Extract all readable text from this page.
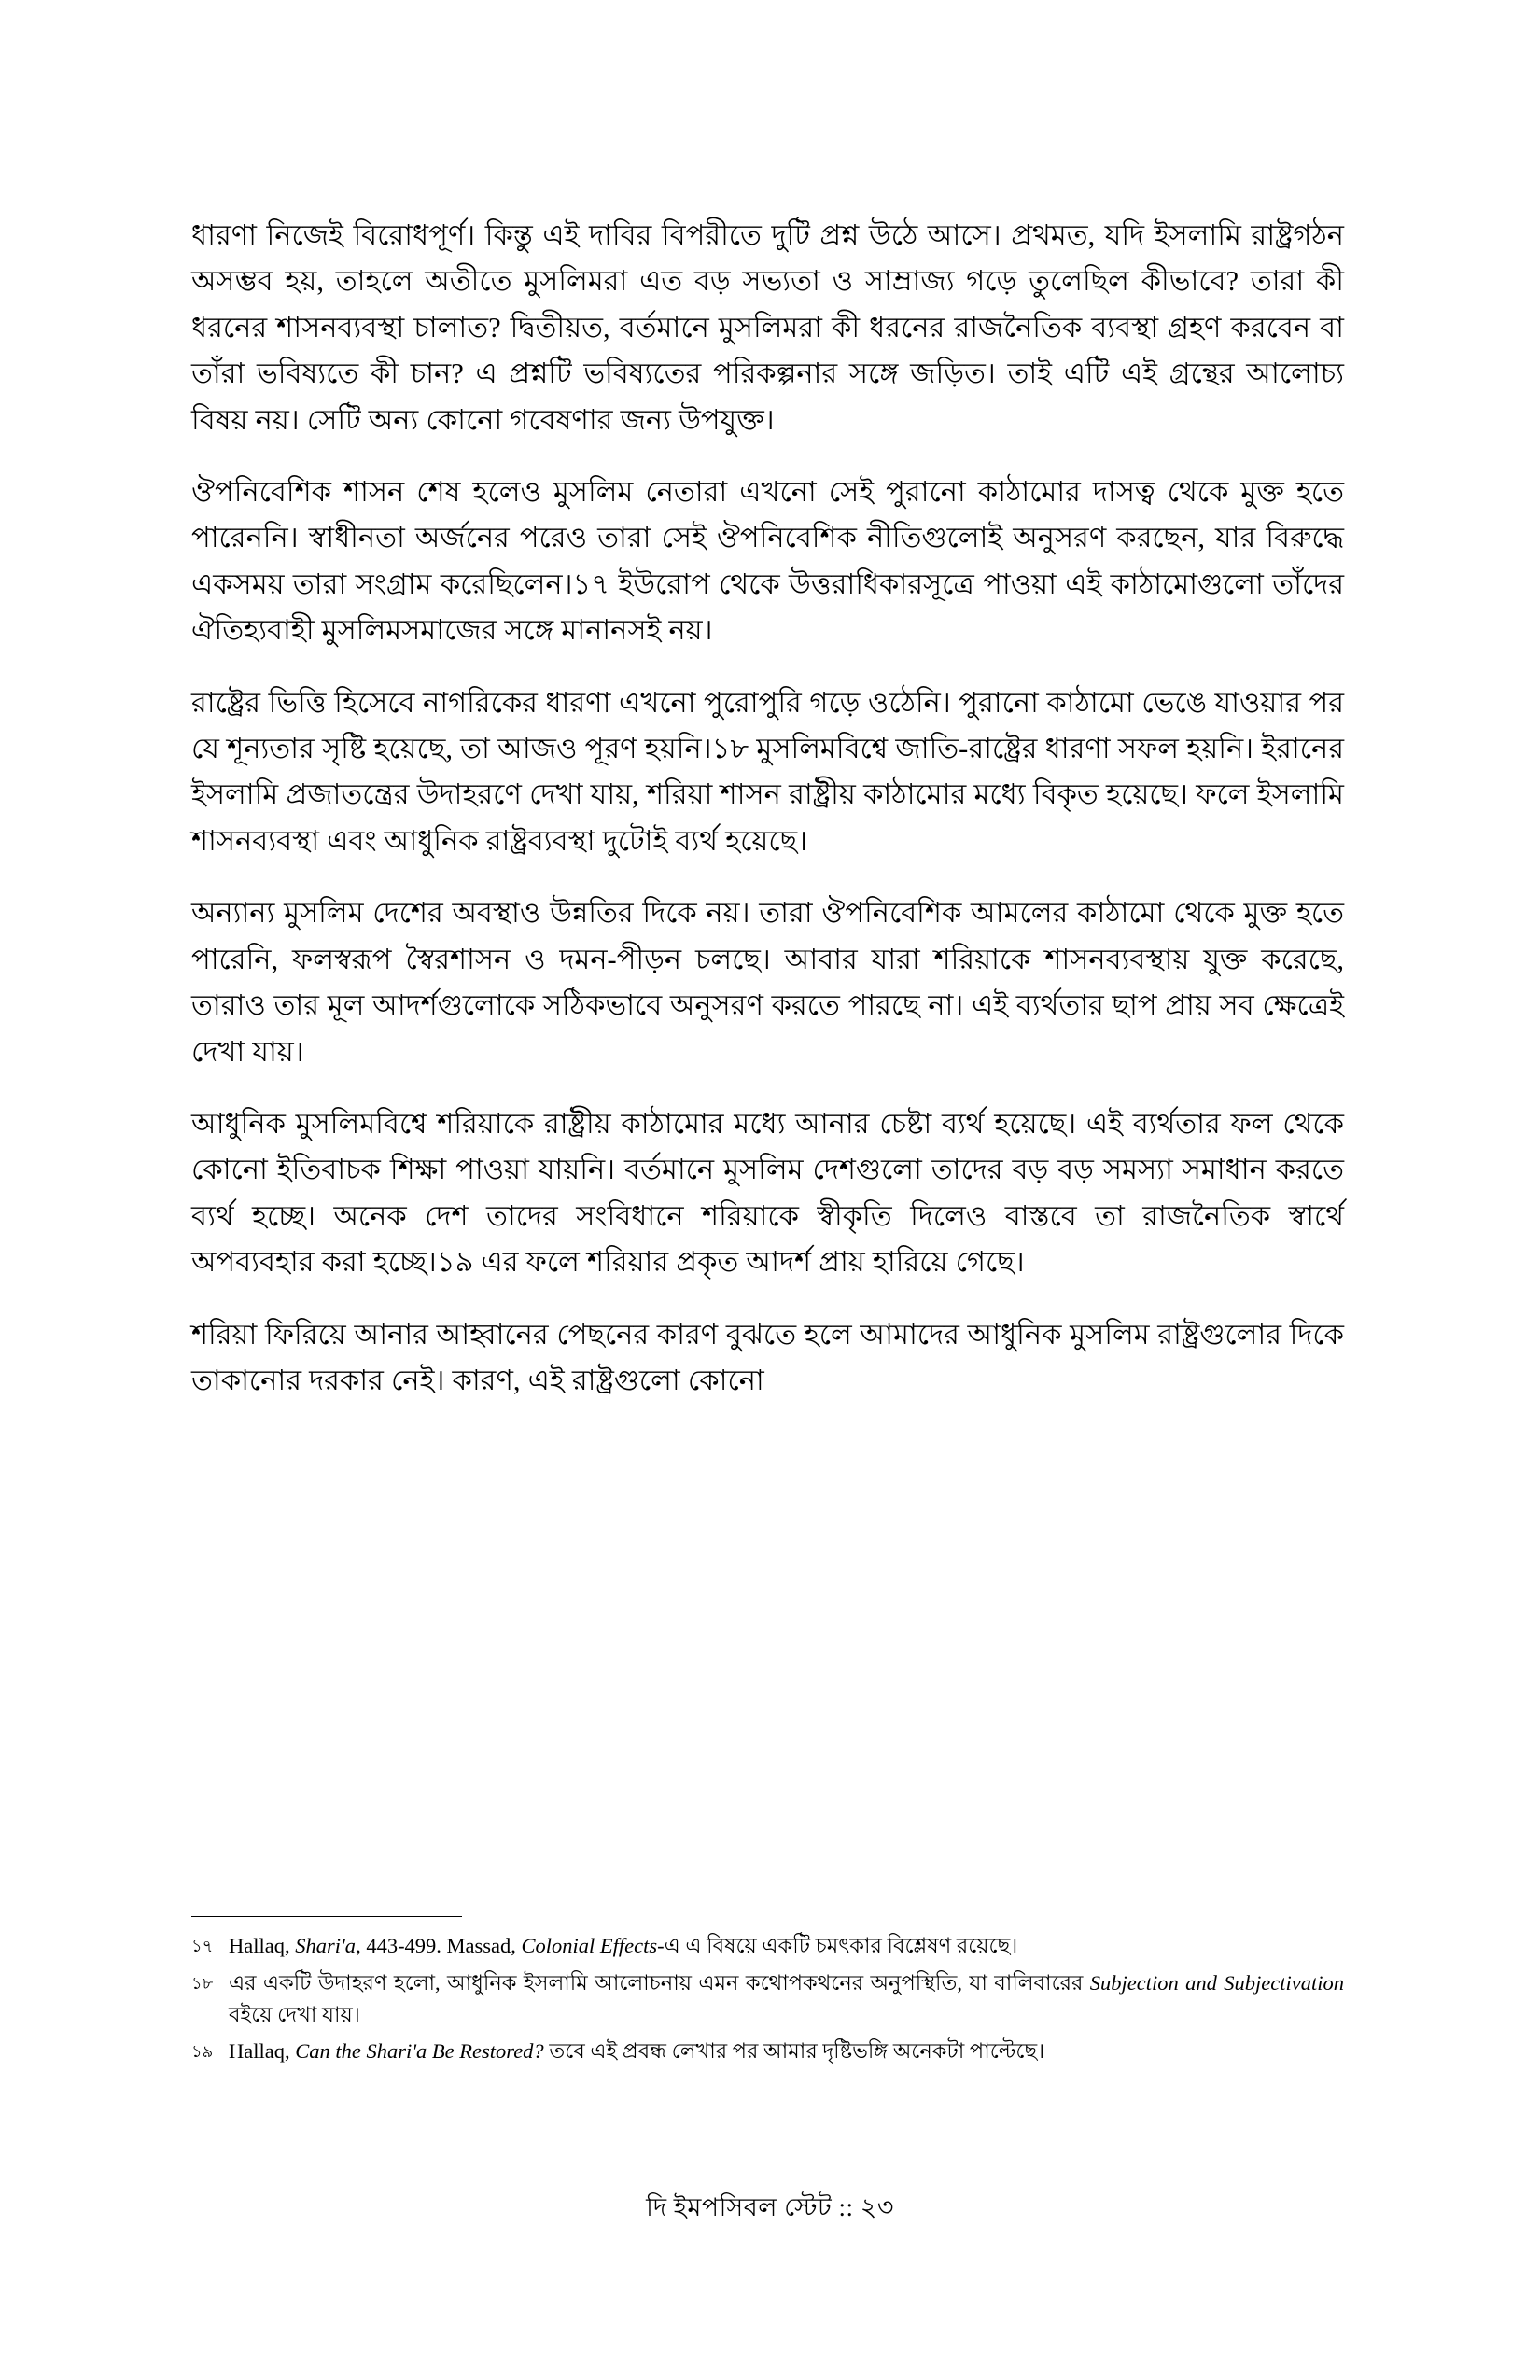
ধারণা নিজেই বিরোধপূর্ণ। কিন্তু এই দাবির বিপরীতে দুটি প্রশ্ন উঠে আসে। প্রথমত, যদি ইসলামি রাষ্ট্রগঠন অসম্ভব হয়, তাহলে অতীতে মুসলিমরা এত বড় সভ্যতা ও সাম্রাজ্য গড়ে তুলেছিল কীভাবে? তারা কী ধরনের শাসনব্যবস্থা চালাত? দ্বিতীয়ত, বর্তমানে মুসলিমরা কী ধরনের রাজনৈতিক ব্যবস্থা গ্রহণ করবেন বা তাঁরা ভবিষ্যতে কী চান? এ প্রশ্নটি ভবিষ্যতের পরিকল্পনার সঙ্গে জড়িত। তাই এটি এই গ্রন্থের আলোচ্য বিষয় নয়। সেটি অন্য কোনো গবেষণার জন্য উপযুক্ত।

ঔপনিবেশিক শাসন শেষ হলেও মুসলিম নেতারা এখনো সেই পুরানো কাঠামোর দাসত্ব থেকে মুক্ত হতে পারেননি। স্বাধীনতা অর্জনের পরেও তারা সেই ঔপনিবেশিক নীতিগুলোই অনুসরণ করছেন, যার বিরুদ্ধে একসময় তারা সংগ্রাম করেছিলেন।১৭ ইউরোপ থেকে উত্তরাধিকারসূত্রে পাওয়া এই কাঠামোগুলো তাঁদের ঐতিহ্যবাহী মুসলিমসমাজের সঙ্গে মানানসই নয়।

রাষ্ট্রের ভিত্তি হিসেবে নাগরিকের ধারণা এখনো পুরোপুরি গড়ে ওঠেনি। পুরানো কাঠামো ভেঙে যাওয়ার পর যে শূন্যতার সৃষ্টি হয়েছে, তা আজও পূরণ হয়নি।১৮ মুসলিমবিশ্বে জাতি-রাষ্ট্রের ধারণা সফল হয়নি। ইরানের ইসলামি প্রজাতন্ত্রের উদাহরণে দেখা যায়, শরিয়া শাসন রাষ্ট্রীয় কাঠামোর মধ্যে বিকৃত হয়েছে। ফলে ইসলামি শাসনব্যবস্থা এবং আধুনিক রাষ্ট্রব্যবস্থা দুটোই ব্যর্থ হয়েছে।

অন্যান্য মুসলিম দেশের অবস্থাও উন্নতির দিকে নয়। তারা ঔপনিবেশিক আমলের কাঠামো থেকে মুক্ত হতে পারেনি, ফলস্বরূপ স্বৈরশাসন ও দমন-পীড়ন চলছে। আবার যারা শরিয়াকে শাসনব্যবস্থায় যুক্ত করেছে, তারাও তার মূল আদর্শগুলোকে সঠিকভাবে অনুসরণ করতে পারছে না। এই ব্যর্থতার ছাপ প্রায় সব ক্ষেত্রেই দেখা যায়।

আধুনিক মুসলিমবিশ্বে শরিয়াকে রাষ্ট্রীয় কাঠামোর মধ্যে আনার চেষ্টা ব্যর্থ হয়েছে। এই ব্যর্থতার ফল থেকে কোনো ইতিবাচক শিক্ষা পাওয়া যায়নি। বর্তমানে মুসলিম দেশগুলো তাদের বড় বড় সমস্যা সমাধান করতে ব্যর্থ হচ্ছে। অনেক দেশ তাদের সংবিধানে শরিয়াকে স্বীকৃতি দিলেও বাস্তবে তা রাজনৈতিক স্বার্থে অপব্যবহার করা হচ্ছে।১৯ এর ফলে শরিয়ার প্রকৃত আদর্শ প্রায় হারিয়ে গেছে।

শরিয়া ফিরিয়ে আনার আহ্বানের পেছনের কারণ বুঝতে হলে আমাদের আধুনিক মুসলিম রাষ্ট্রগুলোর দিকে তাকানোর দরকার নেই। কারণ, এই রাষ্ট্রগুলো কোনো

১৭ Hallaq, Shari'a, 443-499. Massad, Colonial Effects-এ এ বিষয়ে একটি চমৎকার বিশ্লেষণ রয়েছে।
১৮ এর একটি উদাহরণ হলো, আধুনিক ইসলামি আলোচনায় এমন কথোপকথনের অনুপস্থিতি, যা বালিবারের Subjection and Subjectivation বইয়ে দেখা যায়।
১৯ Hallaq, Can the Shari'a Be Restored? তবে এই প্রবন্ধ লেখার পর আমার দৃষ্টিভঙ্গি অনেকটা পাল্টেছে।
দি ইমপসিবল স্টেট :: ২৩
